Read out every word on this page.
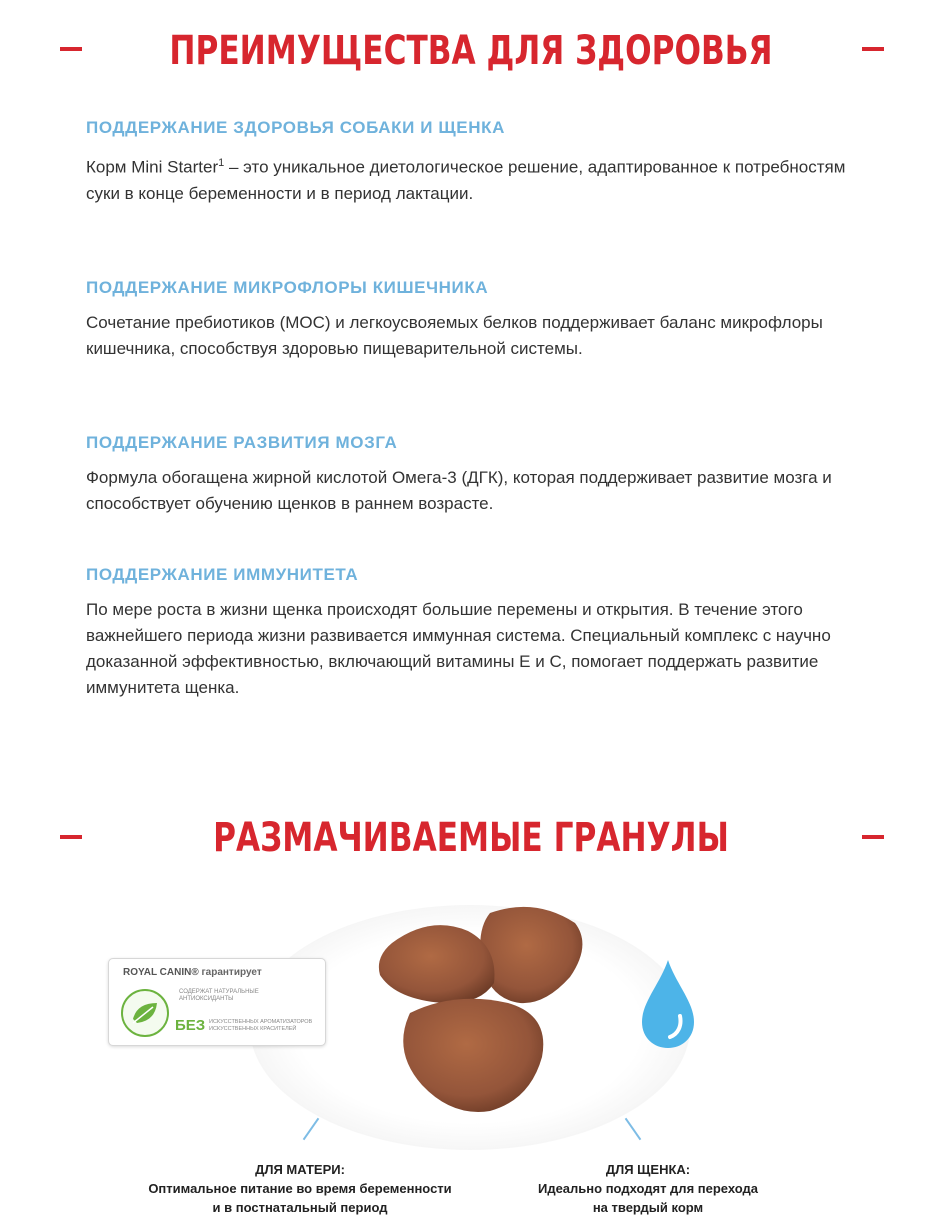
ПРЕИМУЩЕСТВА ДЛЯ ЗДОРОВЬЯ

ПОДДЕРЖАНИЕ ЗДОРОВЬЯ СОБАКИ И ЩЕНКА

Корм Mini Starter$^1$ – это уникальное диетологическое решение, адаптированное к потребностям суки в конце беременности и в период лактации.

ПОДДЕРЖАНИЕ МИКРОФЛОРЫ КИШЕЧНИКА

Сочетание пребиотиков (МОС) и легкоусвояемых белков поддерживает баланс микрофлоры кишечника, способствуя здоровью пищеварительной системы.

ПОДДЕРЖАНИЕ РАЗВИТИЯ МОЗГА

Формула обогащена жирной кислотой Омега-3 (ДГК), которая поддерживает развитие мозга и способствует обучению щенков в раннем возрасте.

ПОДДЕРЖАНИЕ ИММУНИТЕТА

По мере роста в жизни щенка происходят большие перемены и открытия. В течение этого важнейшего периода жизни развивается иммунная система. Специальный комплекс с научно доказанной эффективностью, включающий витамины Е и С, помогает поддержать развитие иммунитета щенка.

РАЗМАЧИВАЕМЫЕ ГРАНУЛЫ
ROYAL CANIN® гарантирует
СОДЕРЖАТ НАТУРАЛЬНЫЕ АНТИОКСИДАНТЫ
БЕЗ ИСКУССТВЕННЫХ АРОМАТИЗАТОРОВ ИСКУССТВЕННЫХ КРАСИТЕЛЕЙ
ДЛЯ МАТЕРИ:
Оптимальное питание во время беременности
и в постнатальный период
ДЛЯ ЩЕНКА:
Идеально подходят для перехода
на твердый корм
